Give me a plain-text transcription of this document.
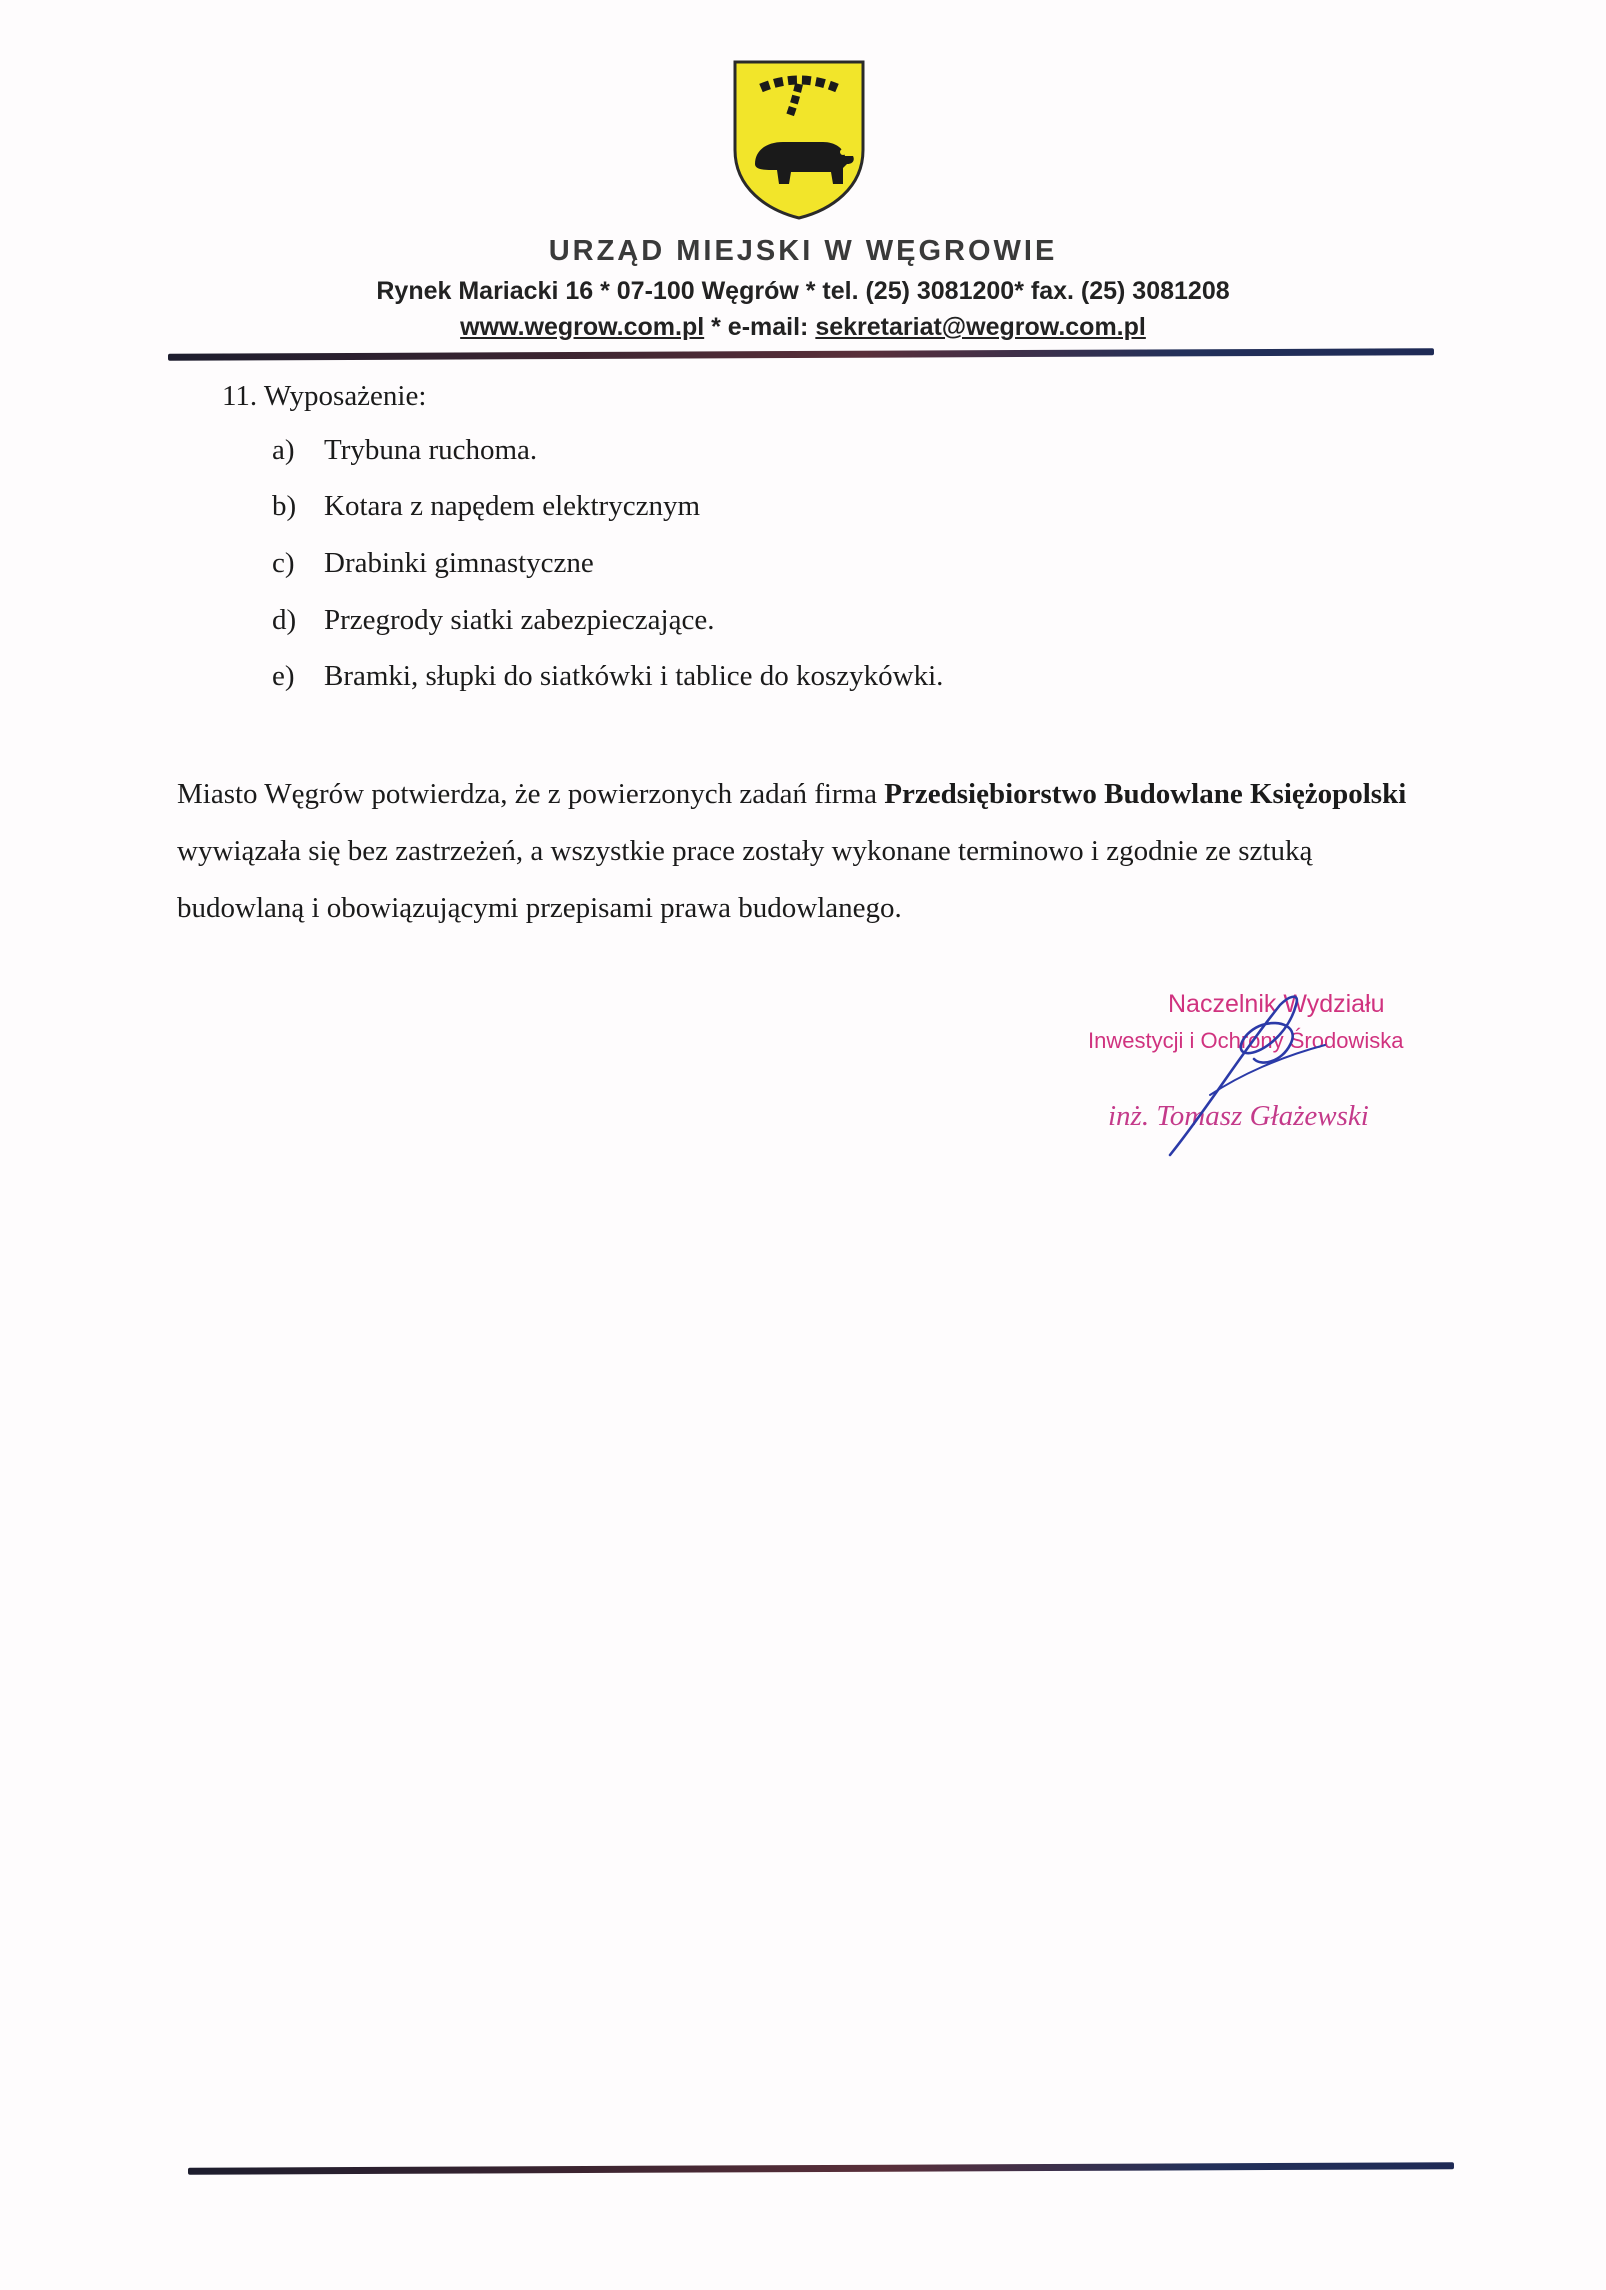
URZĄD MIEJSKI W WĘGROWIE
Rynek Mariacki 16 * 07-100 Węgrów * tel. (25) 3081200* fax. (25) 3081208
www.wegrow.com.pl * e-mail: sekretariat@wegrow.com.pl
11. Wyposażenie:
a) Trybuna ruchoma.
b) Kotara z napędem elektrycznym
c) Drabinki gimnastyczne
d) Przegrody siatki zabezpieczające.
e) Bramki, słupki do siatkówki i tablice do koszykówki.
Miasto Węgrów potwierdza, że z powierzonych zadań firma Przedsiębiorstwo Budowlane Księżopolski wywiązała się bez zastrzeżeń, a wszystkie prace zostały wykonane terminowo i zgodnie ze sztuką budowlaną i obowiązującymi przepisami prawa budowlanego.
Naczelnik Wydziału
Inwestycji i Ochrony Środowiska
inż. Tomasz Głażewski
